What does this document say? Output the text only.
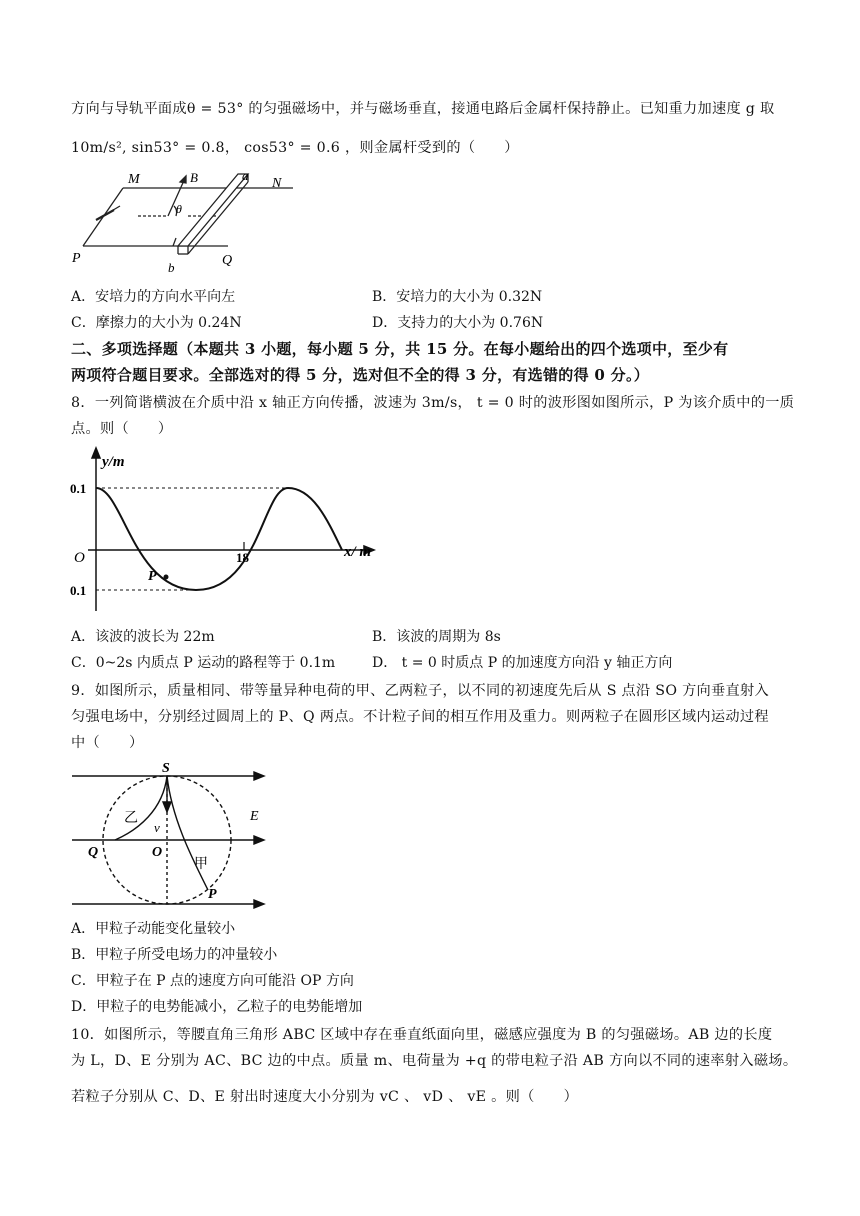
方向与导轨平面成θ = 53° 的匀强磁场中，并与磁场垂直，接通电路后金属杆保持静止。已知重力加速度 g 取
10m/s², sin53° = 0.8， cos53° = 0.6 ，则金属杆受到的（　　）
M	N
P	Q
a
b
B
θ
A．安培力的方向水平向左	B．安培力的大小为 0.32N
C．摩擦力的大小为 0.24N	D．支持力的大小为 0.76N
二、多项选择题（本题共 3 小题，每小题 5 分，共 15 分。在每小题给出的四个选项中，至少有
两项符合题目要求。全部选对的得 5 分，选对但不全的得 3 分，有选错的得 0 分。）
8．一列简谐横波在介质中沿 x 轴正方向传播，波速为 3m/s， t = 0 时的波形图如图所示，P 为该介质中的一质
点。则（　　）
y/m
x/ m
O	18
0.1
0.1
P
A．该波的波长为 22m	B．该波的周期为 8s
C．0~2s 内质点 P 运动的路程等于 0.1m	D． t = 0 时质点 P 的加速度方向沿 y 轴正方向
9．如图所示，质量相同、带等量异种电荷的甲、乙两粒子，以不同的初速度先后从 S 点沿 SO 方向垂直射入
匀强电场中，分别经过圆周上的 P、Q 两点。不计粒子间的相互作用及重力。则两粒子在圆形区域内运动过程
中（　　）
S
E
Q	O
P
v
乙
甲
A．甲粒子动能变化量较小
B．甲粒子所受电场力的冲量较小
C．甲粒子在 P 点的速度方向可能沿 OP 方向
D．甲粒子的电势能减小，乙粒子的电势能增加
10．如图所示，等腰直角三角形 ABC 区域中存在垂直纸面向里，磁感应强度为 B 的匀强磁场。AB 边的长度
为 L，D、E 分别为 AC、BC 边的中点。质量 m、电荷量为 +q 的带电粒子沿 AB 方向以不同的速率射入磁场。
若粒子分别从 C、D、E 射出时速度大小分别为 vC 、 vD 、 vE 。则（　　）
